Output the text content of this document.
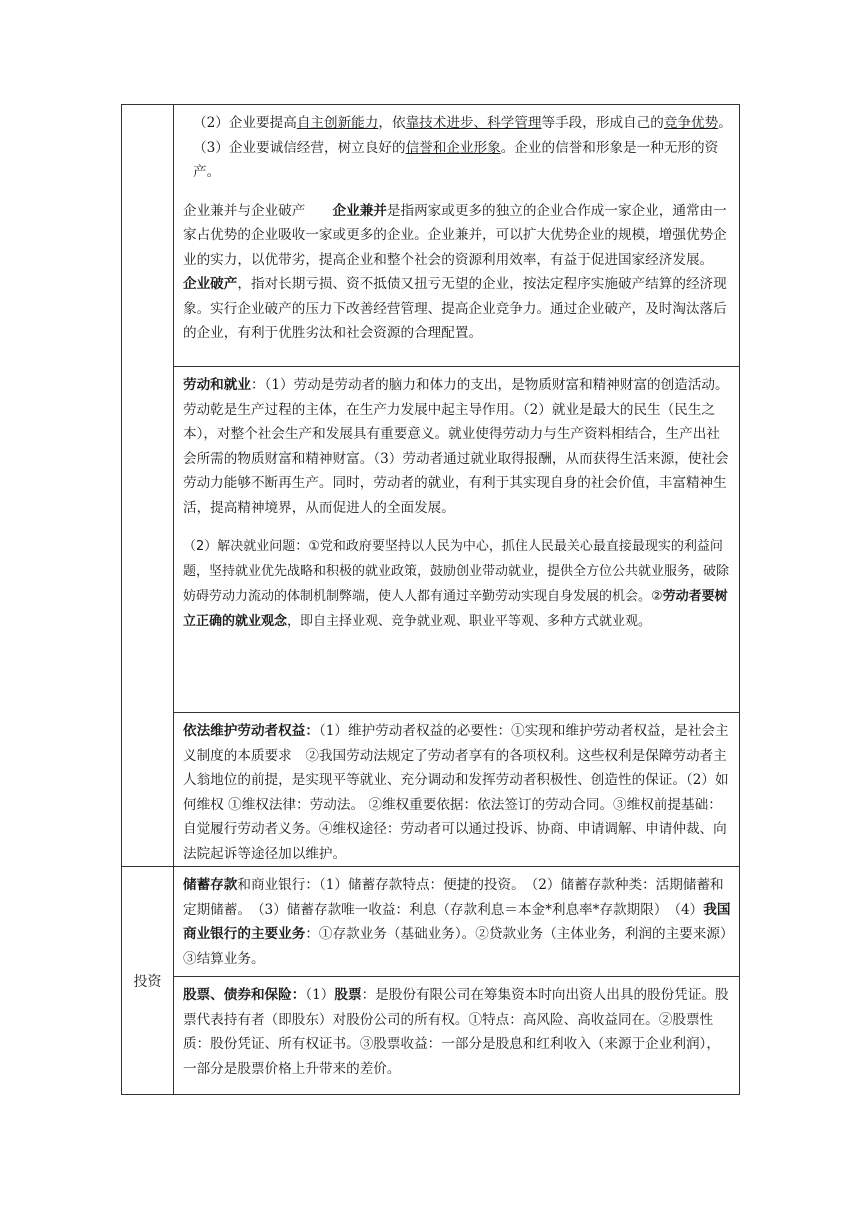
（2）企业要提高自主创新能力，依靠技术进步、科学管理等手段，形成自己的竞争优势。　（3）企业要诚信经营，树立良好的信誉和企业形象。企业的信誉和形象是一种无形的资产。

企业兼并与企业破产　　 企业兼并是指两家或更多的独立的企业合作成一家企业，通常由一家占优势的企业吸收一家或更多的企业。企业兼并，可以扩大优势企业的规模，增强优势企业的实力，以优带劣，提高企业和整个社会的资源利用效率，有益于促进国家经济发展。　　企业破产，指对长期亏损、资不抵债又扭亏无望的企业，按法定程序实施破产结算的经济现象。实行企业破产的压力下改善经营管理、提高企业竞争力。通过企业破产，及时淘汰落后的企业，有利于优胜劣汰和社会资源的合理配置。

劳动和就业：（1）劳动是劳动者的脑力和体力的支出，是物质财富和精神财富的创造活动。劳动乾是生产过程的主体，在生产力发展中起主导作用。（2）就业是最大的民生（民生之本），对整个社会生产和发展具有重要意义。就业使得劳动力与生产资料相结合，生产出社会所需的物质财富和精神财富。（3）劳动者通过就业取得报酬，从而获得生活来源，使社会劳动力能够不断再生产。同时，劳动者的就业，有利于其实现自身的社会价值，丰富精神生活，提高精神境界，从而促进人的全面发展。

（2）解决就业问题：①党和政府要坚持以人民为中心，抓住人民最关心最直接最现实的利益问题，坚持就业优先战略和积极的就业政策，鼓励创业带动就业，提供全方位公共就业服务，破除妨碍劳动力流动的体制机制弊端，使人人都有通过辛勤劳动实现自身发展的机会。②劳动者要树立正确的就业观念，即自主择业观、竞争就业观、职业平等观、多种方式就业观。

依法维护劳动者权益：（1）维护劳动者权益的必要性：①实现和维护劳动者权益，是社会主义制度的本质要求　②我国劳动法规定了劳动者享有的各项权利。这些权利是保障劳动者主人翁地位的前提，是实现平等就业、充分调动和发挥劳动者积极性、创造性的保证。（2）如何维权 ①维权法律：劳动法。 ②维权重要依据：依法签订的劳动合同。③维权前提基础：自觉履行劳动者义务。④维权途径：劳动者可以通过投诉、协商、申请调解、申请仲裁、向法院起诉等途径加以维护。

投资

储蓄存款和商业银行：（1）储蓄存款特点：便捷的投资。　（2）储蓄存款种类：活期储蓄和定期储蓄。　（3）储蓄存款唯一收益：利息（存款利息＝本金*利息率*存款期限）　（4）我国商业银行的主要业务：①存款业务（基础业务）。②贷款业务（主体业务，利润的主要来源）③结算业务。

股票、债券和保险：（1）股票：是股份有限公司在筹集资本时向出资人出具的股份凭证。股票代表持有者（即股东）对股份公司的所有权。①特点：高风险、高收益同在。②股票性质：股份凭证、所有权证书。③股票收益：一部分是股息和红利收入（来源于企业利润），一部分是股票价格上升带来的差价。
